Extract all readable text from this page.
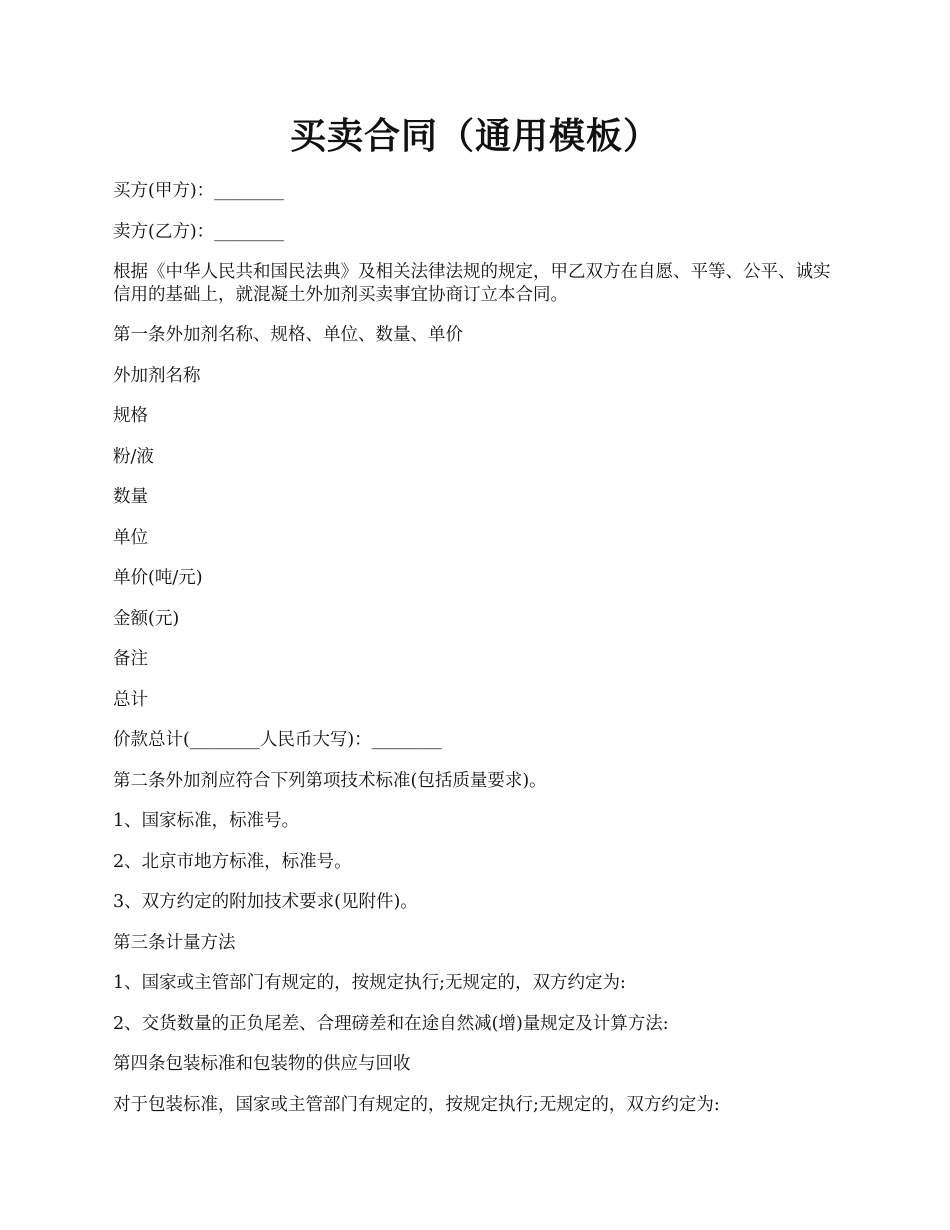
买卖合同（通用模板）

买方(甲方)：________

卖方(乙方)：________

根据《中华人民共和国民法典》及相关法律法规的规定，甲乙双方在自愿、平等、公平、诚实信用的基础上，就混凝土外加剂买卖事宜协商订立本合同。

第一条外加剂名称、规格、单位、数量、单价

外加剂名称

规格

粉/液

数量

单位

单价(吨/元)

金额(元)

备注

总计

价款总计(________人民币大写)：________

第二条外加剂应符合下列第项技术标准(包括质量要求)。

1、国家标准，标准号。

2、北京市地方标准，标准号。

3、双方约定的附加技术要求(见附件)。

第三条计量方法

1、国家或主管部门有规定的，按规定执行;无规定的，双方约定为:

2、交货数量的正负尾差、合理磅差和在途自然减(增)量规定及计算方法:

第四条包装标准和包装物的供应与回收

对于包装标准，国家或主管部门有规定的，按规定执行;无规定的，双方约定为:
